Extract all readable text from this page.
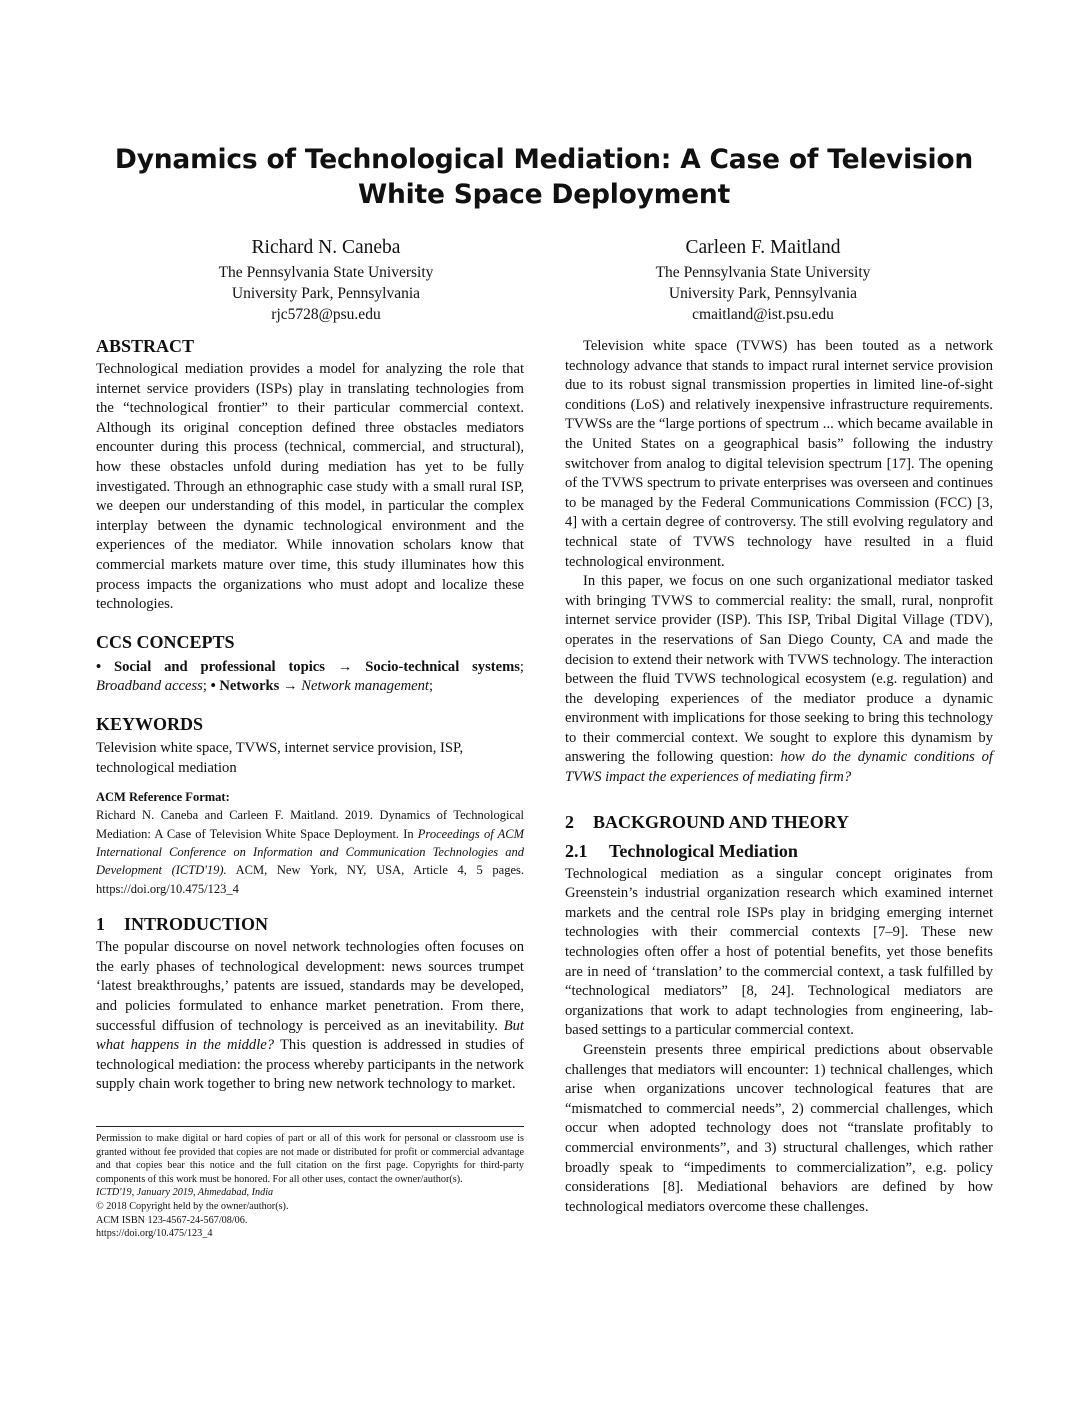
Dynamics of Technological Mediation: A Case of Television
White Space Deployment
Richard N. Caneba
The Pennsylvania State University
University Park, Pennsylvania
rjc5728@psu.edu
Carleen F. Maitland
The Pennsylvania State University
University Park, Pennsylvania
cmaitland@ist.psu.edu
ABSTRACT

Technological mediation provides a model for analyzing the role that internet service providers (ISPs) play in translating technologies from the “technological frontier” to their particular commercial context. Although its original conception defined three obstacles mediators encounter during this process (technical, commercial, and structural), how these obstacles unfold during mediation has yet to be fully investigated. Through an ethnographic case study with a small rural ISP, we deepen our understanding of this model, in particular the complex interplay between the dynamic technological environment and the experiences of the mediator. While innovation scholars know that commercial markets mature over time, this study illuminates how this process impacts the organizations who must adopt and localize these technologies.

CCS CONCEPTS

• Social and professional topics → Socio-technical systems; Broadband access; • Networks → Network management;

KEYWORDS

Television white space, TVWS, internet service provision, ISP, technological mediation

ACM Reference Format:

Richard N. Caneba and Carleen F. Maitland. 2019. Dynamics of Technological Mediation: A Case of Television White Space Deployment. In Proceedings of ACM International Conference on Information and Communication Technologies and Development (ICTD'19). ACM, New York, NY, USA, Article 4, 5 pages. https://doi.org/10.475/123_4

1 INTRODUCTION

The popular discourse on novel network technologies often focuses on the early phases of technological development: news sources trumpet ‘latest breakthroughs,’ patents are issued, standards may be developed, and policies formulated to enhance market penetration. From there, successful diffusion of technology is perceived as an inevitability. But what happens in the middle? This question is addressed in studies of technological mediation: the process whereby participants in the network supply chain work together to bring new network technology to market.

Permission to make digital or hard copies of part or all of this work for personal or classroom use is granted without fee provided that copies are not made or distributed for profit or commercial advantage and that copies bear this notice and the full citation on the first page. Copyrights for third-party components of this work must be honored. For all other uses, contact the owner/author(s).

ICTD'19, January 2019, Ahmedabad, India

© 2018 Copyright held by the owner/author(s).

ACM ISBN 123-4567-24-567/08/06.

https://doi.org/10.475/123_4

Television white space (TVWS) has been touted as a network technology advance that stands to impact rural internet service provision due to its robust signal transmission properties in limited line-of-sight conditions (LoS) and relatively inexpensive infrastructure requirements. TVWSs are the “large portions of spectrum ... which became available in the United States on a geographical basis” following the industry switchover from analog to digital television spectrum [17]. The opening of the TVWS spectrum to private enterprises was overseen and continues to be managed by the Federal Communications Commission (FCC) [3, 4] with a certain degree of controversy. The still evolving regulatory and technical state of TVWS technology have resulted in a fluid technological environment.

In this paper, we focus on one such organizational mediator tasked with bringing TVWS to commercial reality: the small, rural, nonprofit internet service provider (ISP). This ISP, Tribal Digital Village (TDV), operates in the reservations of San Diego County, CA and made the decision to extend their network with TVWS technology. The interaction between the fluid TVWS technological ecosystem (e.g. regulation) and the developing experiences of the mediator produce a dynamic environment with implications for those seeking to bring this technology to their commercial context. We sought to explore this dynamism by answering the following question: how do the dynamic conditions of TVWS impact the experiences of mediating firm?

2 BACKGROUND AND THEORY
2.1 Technological Mediation

Technological mediation as a singular concept originates from Greenstein’s industrial organization research which examined internet markets and the central role ISPs play in bridging emerging internet technologies with their commercial contexts [7–9]. These new technologies often offer a host of potential benefits, yet those benefits are in need of ‘translation’ to the commercial context, a task fulfilled by “technological mediators” [8, 24]. Technological mediators are organizations that work to adapt technologies from engineering, lab-based settings to a particular commercial context.

Greenstein presents three empirical predictions about observable challenges that mediators will encounter: 1) technical challenges, which arise when organizations uncover technological features that are “mismatched to commercial needs”, 2) commercial challenges, which occur when adopted technology does not “translate profitably to commercial environments”, and 3) structural challenges, which rather broadly speak to “impediments to commercialization”, e.g. policy considerations [8]. Mediational behaviors are defined by how technological mediators overcome these challenges.
